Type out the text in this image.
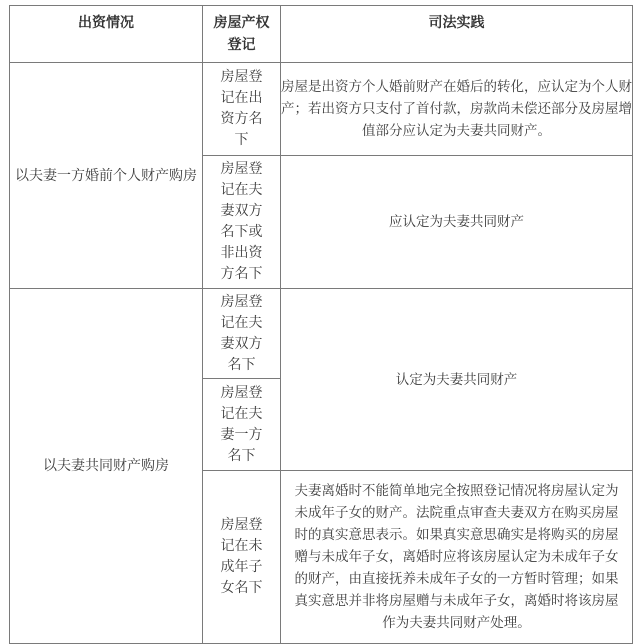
出资情况	房屋产权登记	司法实践
以夫妻一方婚前个人财产购房	房屋登记在出资方名下	房屋是出资方个人婚前财产在婚后的转化，应认定为个人财产；若出资方只支付了首付款，房款尚未偿还部分及房屋增值部分应认定为夫妻共同财产。

	房屋登记在夫妻双方名下或非出资方名下	应认定为夫妻共同财产
以夫妻共同财产购房	房屋登记在夫妻双方名下	认定为夫妻共同财产

	房屋登记在夫妻一方名下	

	房屋登记在未成年子女名下	夫妻离婚时不能简单地完全按照登记情况将房屋认定为未成年子女的财产。法院重点审查夫妻双方在购买房屋时的真实意思表示。如果真实意思确实是将购买的房屋赠与未成年子女，离婚时应将该房屋认定为未成年子女的财产，由直接抚养未成年子女的一方暂时管理；如果真实意思并非将房屋赠与未成年子女，离婚时将该房屋作为夫妻共同财产处理。
